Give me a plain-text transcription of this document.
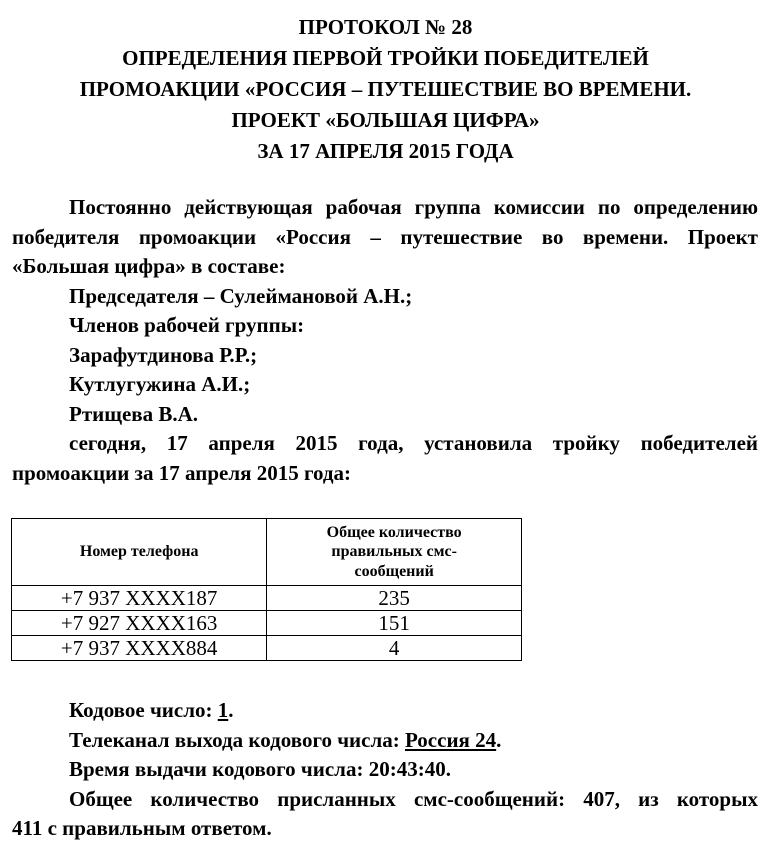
ПРОТОКОЛ № 28
ОПРЕДЕЛЕНИЯ ПЕРВОЙ ТРОЙКИ ПОБЕДИТЕЛЕЙ
ПРОМОАКЦИИ «РОССИЯ – ПУТЕШЕСТВИЕ ВО ВРЕМЕНИ.
ПРОЕКТ «БОЛЬШАЯ ЦИФРА»
ЗА 17 АПРЕЛЯ 2015 ГОДА
Постоянно действующая рабочая группа комиссии по определению
победителя промоакции «Россия – путешествие во времени. Проект
«Большая цифра» в составе:
Председателя – Сулеймановой А.Н.;
Членов рабочей группы:
Зарафутдинова Р.Р.;
Кутлугужина А.И.;
Ртищева В.А.
сегодня, 17 апреля 2015 года, установила тройку победителей
промоакции за 17 апреля 2015 года:
Номер телефона	Общее количество правильных смс-сообщений

+7 937 XXXX187	235
+7 927 XXXX163	151
+7 937 XXXX884	4
Кодовое число: 1.
Телеканал выхода кодового числа: Россия 24.
Время выдачи кодового числа: 20:43:40.
Общее количество присланных смс-сообщений: 407, из которых
411 с правильным ответом.
